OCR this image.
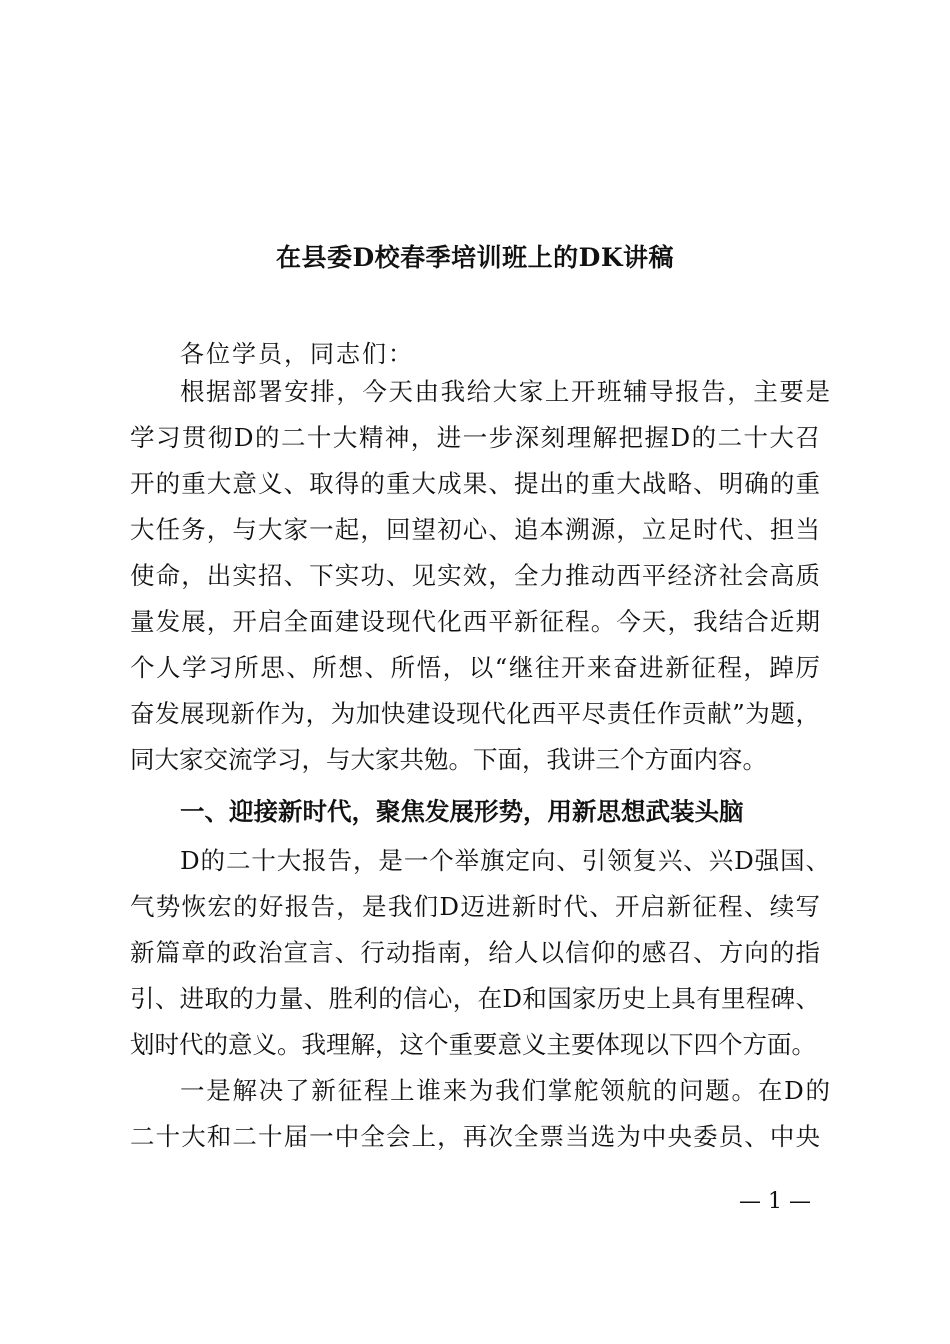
在县委D校春季培训班上的DK讲稿
各位学员，同志们：
根据部署安排，今天由我给大家上开班辅导报告，主要是
学习贯彻D的二十大精神，进一步深刻理解把握D的二十大召
开的重大意义、取得的重大成果、提出的重大战略、明确的重
大任务，与大家一起，回望初心、追本溯源，立足时代、担当
使命，出实招、下实功、见实效，全力推动西平经济社会高质
量发展，开启全面建设现代化西平新征程。今天，我结合近期
个人学习所思、所想、所悟，以“继往开来奋进新征程，踔厉
奋发展现新作为，为加快建设现代化西平尽责任作贡献”为题，
同大家交流学习，与大家共勉。下面，我讲三个方面内容。
一、迎接新时代，聚焦发展形势，用新思想武装头脑
D的二十大报告，是一个举旗定向、引领复兴、兴D强国、
气势恢宏的好报告，是我们D迈进新时代、开启新征程、续写
新篇章的政治宣言、行动指南，给人以信仰的感召、方向的指
引、进取的力量、胜利的信心，在D和国家历史上具有里程碑、
划时代的意义。我理解，这个重要意义主要体现以下四个方面。
一是解决了新征程上谁来为我们掌舵领航的问题。在D的
二十大和二十届一中全会上，再次全票当选为中央委员、中央
— 1 —
